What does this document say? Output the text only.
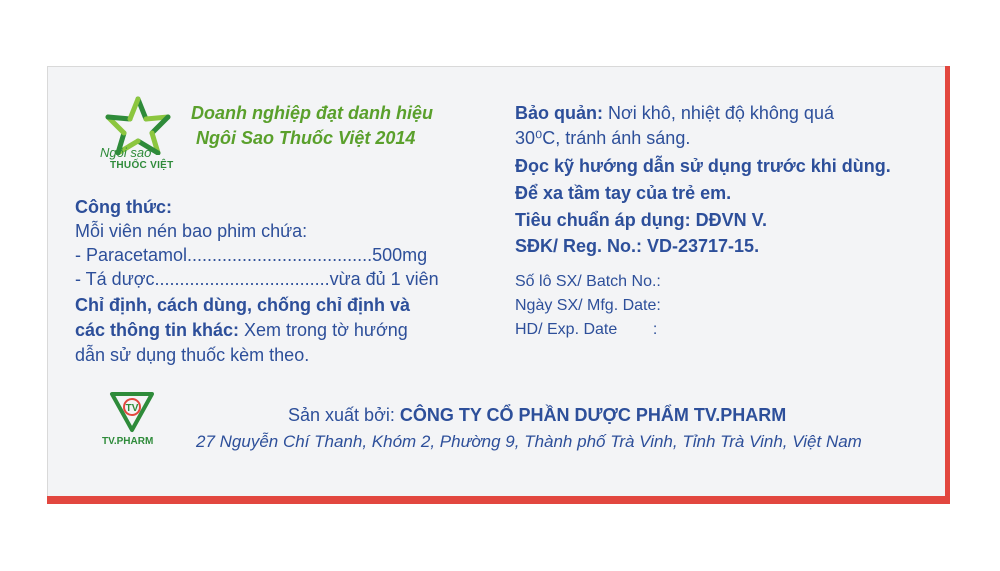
Ngôi sao
THUỐC VIỆT
Doanh nghiệp đạt danh hiệu
Ngôi Sao Thuốc Việt 2014
Công thức:
Mỗi viên nén bao phim chứa:
- Paracetamol.....................................500mg
- Tá dược...................................vừa đủ 1 viên
Chỉ định, cách dùng, chống chỉ định và
các thông tin khác: Xem trong tờ hướng
dẫn sử dụng thuốc kèm theo.
Bảo quản: Nơi khô, nhiệt độ không quá
30⁰C, tránh ánh sáng.
Đọc kỹ hướng dẫn sử dụng trước khi dùng.
Để xa tầm tay của trẻ em.
Tiêu chuẩn áp dụng: DĐVN V.
SĐK/ Reg. No.: VD-23717-15.
Số lô SX/ Batch No.:
Ngày SX/ Mfg. Date:
HD/ Exp. Date        :
TV
TV.PHARM
Sản xuất bởi: CÔNG TY CỔ PHẦN DƯỢC PHẨM TV.PHARM
27 Nguyễn Chí Thanh, Khóm 2, Phường 9, Thành phố Trà Vinh, Tỉnh Trà Vinh, Việt Nam
